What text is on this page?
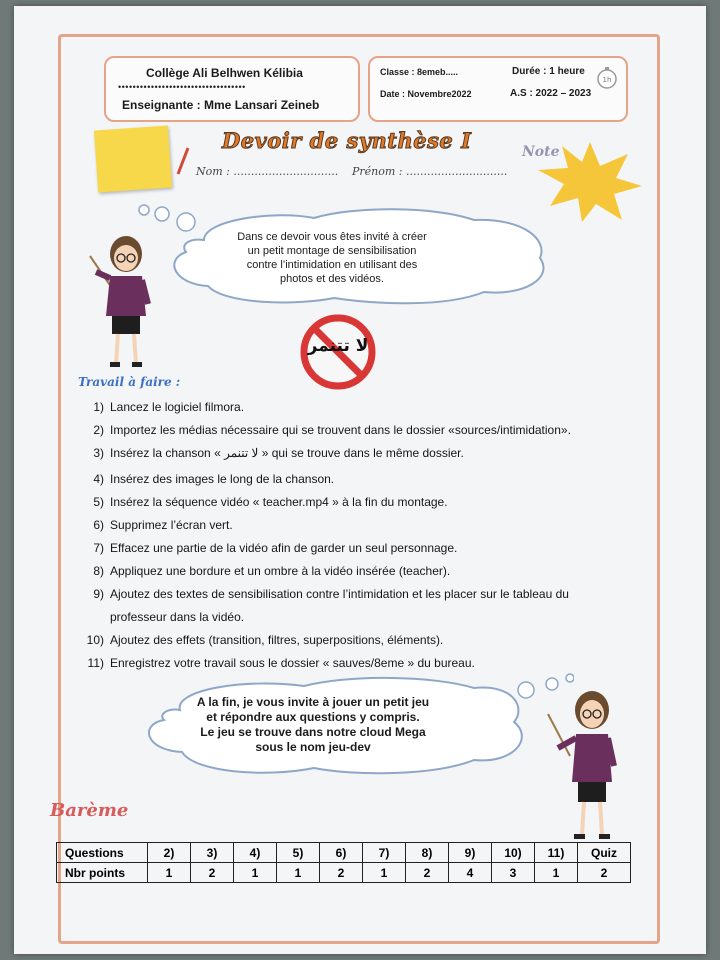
Collège Ali Belhwen Kélibia
•••••••••••••••••••••••••••••••••••
Enseignante : Mme Lansari Zeineb
Classe : 8emeb.....	Durée : 1 heure
Date : Novembre2022	A.S : 2022 – 2023
1h
Devoir de synthèse I
Nom : .............................. Prénom : .............................
Note
Dans ce devoir vous êtes invité à créer
un petit montage de sensibilisation
contre l’intimidation en utilisant des
photos et des vidéos.
لا تتنمر
Travail à faire :
1) Lancez le logiciel filmora.
2) Importez les médias nécessaire qui se trouvent dans le dossier «sources/intimidation».
3) Insérez la chanson « لا تتنمر » qui se trouve dans le même dossier.
4) Insérez des images le long de la chanson.
5) Insérez la séquence vidéo « teacher.mp4 » à la fin du montage.
6) Supprimez l’écran vert.
7) Effacez une partie de la vidéo afin de garder un seul personnage.
8) Appliquez une bordure et un ombre à la vidéo insérée (teacher).
9) Ajoutez des textes de sensibilisation contre l’intimidation et les placer sur le tableau du
professeur dans la vidéo.
10) Ajoutez des effets (transition, filtres, superpositions, éléments).
11) Enregistrez votre travail sous le dossier « sauves/8eme » du bureau.
A la fin, je vous invite à jouer un petit jeu
et répondre aux questions y compris.
Le jeu se trouve dans notre cloud Mega
sous le nom jeu-dev
Barème
Questions	2)	3)	4)	5)	6)	7)	8)	9)	10)	11)	Quiz
Nbr points	1	2	1	1	2	1	2	4	3	1	2
